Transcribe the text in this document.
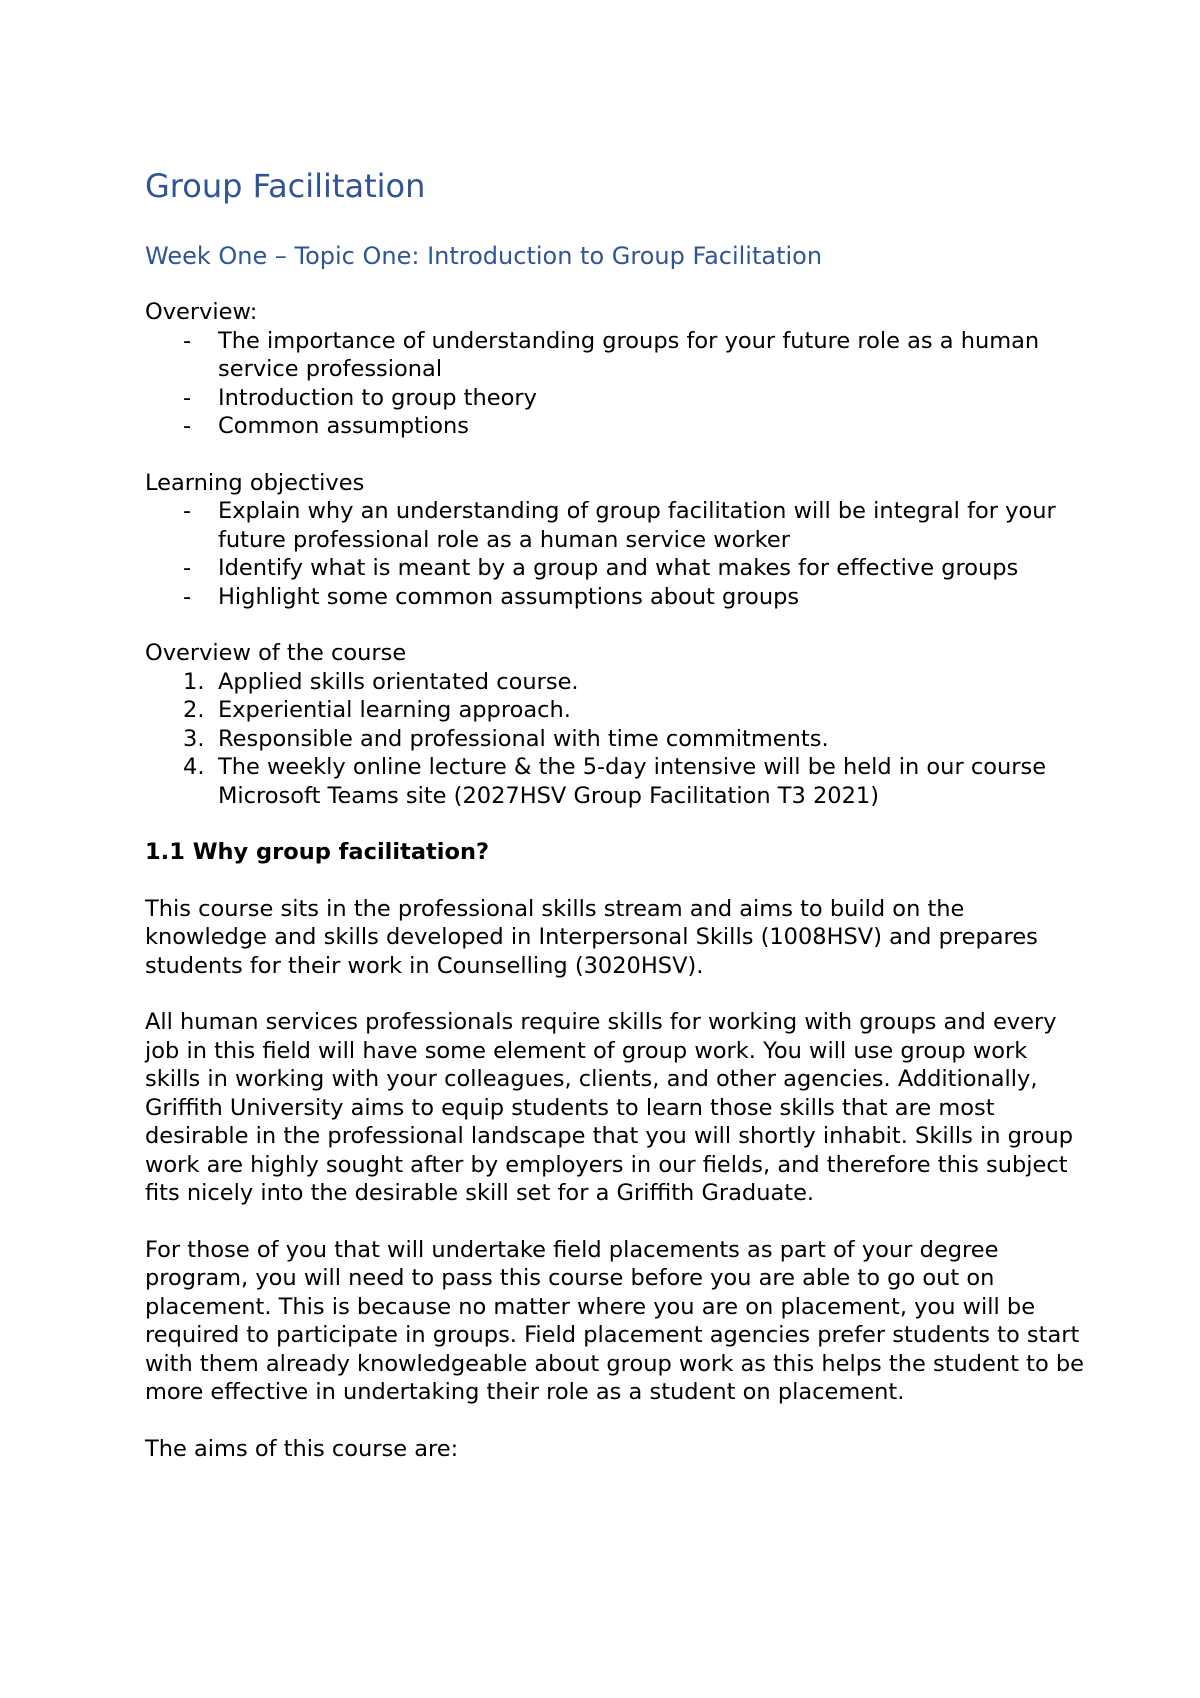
Group Facilitation
Week One – Topic One: Introduction to Group Facilitation

Overview:

- The importance of understanding groups for your future role as a human service professional
- Introduction to group theory
- Common assumptions

Learning objectives

- Explain why an understanding of group facilitation will be integral for your future professional role as a human service worker
- Identify what is meant by a group and what makes for effective groups
- Highlight some common assumptions about groups

Overview of the course

1. Applied skills orientated course.
2. Experiential learning approach.
3. Responsible and professional with time commitments.
4. The weekly online lecture & the 5-day intensive will be held in our course Microsoft Teams site (2027HSV Group Facilitation T3 2021)

1.1 Why group facilitation?

This course sits in the professional skills stream and aims to build on the knowledge and skills developed in Interpersonal Skills (1008HSV) and prepares students for their work in Counselling (3020HSV).

All human services professionals require skills for working with groups and every job in this field will have some element of group work. You will use group work skills in working with your colleagues, clients, and other agencies. Additionally, Griffith University aims to equip students to learn those skills that are most desirable in the professional landscape that you will shortly inhabit. Skills in group work are highly sought after by employers in our fields, and therefore this subject fits nicely into the desirable skill set for a Griffith Graduate.

For those of you that will undertake field placements as part of your degree program, you will need to pass this course before you are able to go out on placement. This is because no matter where you are on placement, you will be required to participate in groups. Field placement agencies prefer students to start with them already knowledgeable about group work as this helps the student to be more effective in undertaking their role as a student on placement.

The aims of this course are:
